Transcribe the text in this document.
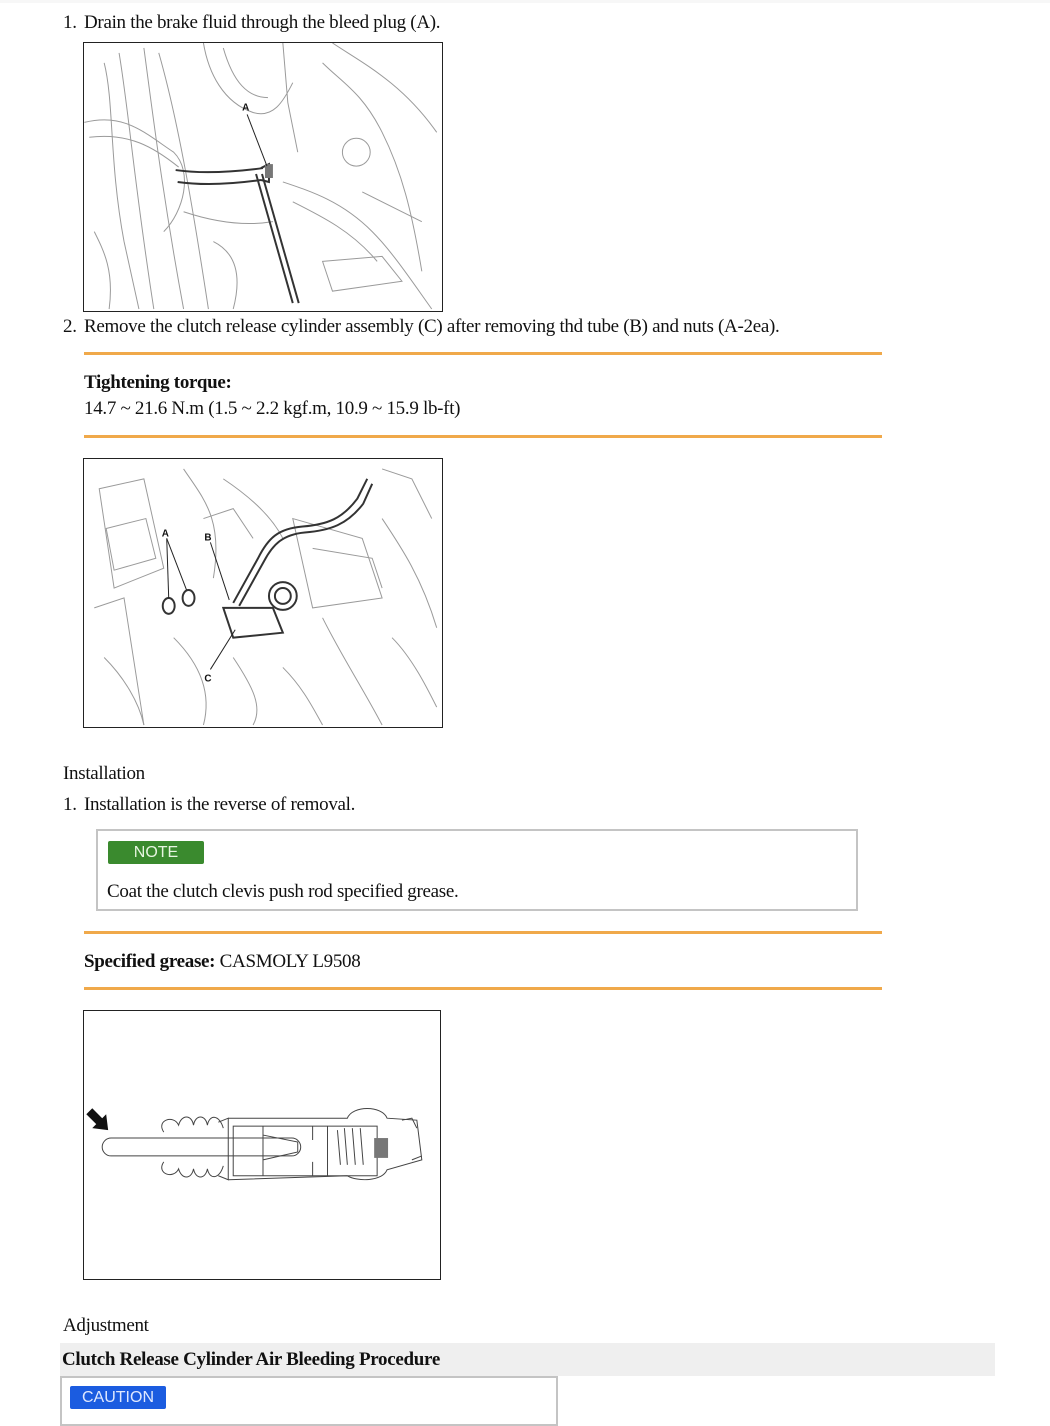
1. Drain the brake fluid through the bleed plug (A).
A
2. Remove the clutch release cylinder assembly (C) after removing thd tube (B) and nuts (A-2ea).
Tightening torque:
14.7 ~ 21.6 N.m (1.5 ~ 2.2 kgf.m, 10.9 ~ 15.9 lb-ft)
A	B
C
Installation
1. Installation is the reverse of removal.
NOTE
Coat the clutch clevis push rod specified grease.
Specified grease: CASMOLY L9508
Adjustment
Clutch Release Cylinder Air Bleeding Procedure
CAUTION
